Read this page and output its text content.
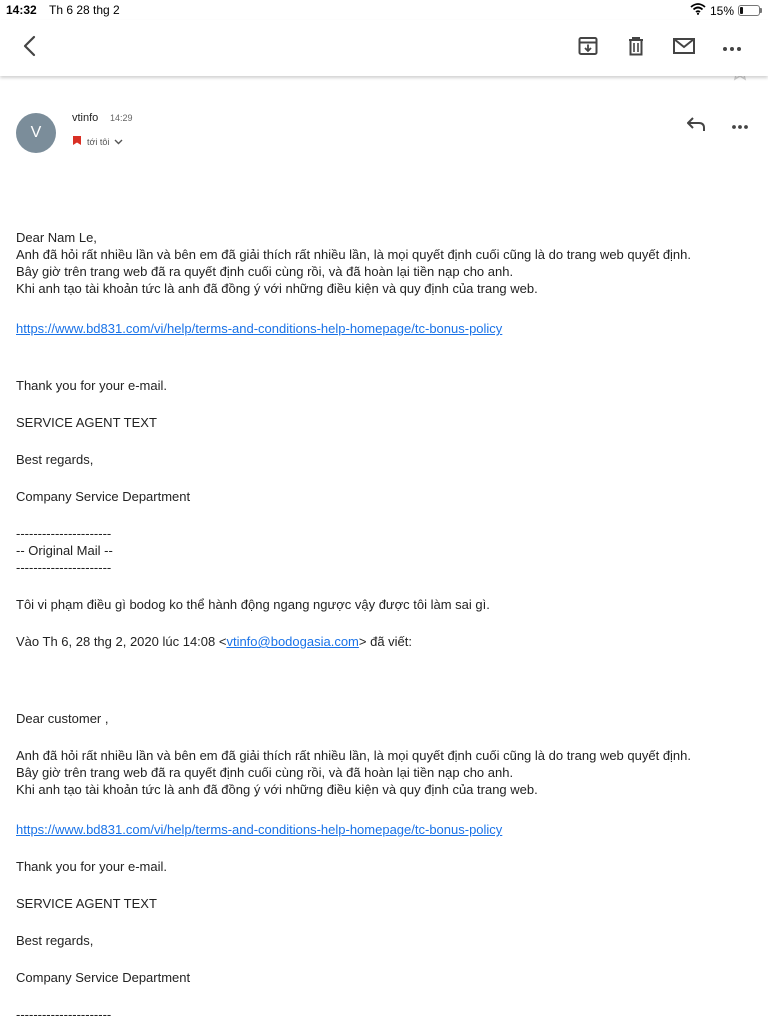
14:32 Th 6 28 thg 2	15%
V
vtinfo 14:29
tới tôi
Dear Nam Le,
Anh đã hỏi rất nhiều lần và bên em đã giải thích rất nhiều lần, là mọi quyết định cuối cũng là do trang web quyết định.
Bây giờ trên trang web đã ra quyết định cuối cùng rồi, và đã hoàn lại tiền nạp cho anh.
Khi anh tạo tài khoản tức là anh đã đồng ý với những điều kiện và quy định của trang web.
https://www.bd831.com/vi/help/terms-and-conditions-help-homepage/tc-bonus-policy
Thank you for your e-mail.
SERVICE AGENT TEXT
Best regards,
Company Service Department
----------------------
-- Original Mail --
----------------------
Tôi vi phạm điều gì bodog ko thể hành động ngang ngược vậy được tôi làm sai gì.
Vào Th 6, 28 thg 2, 2020 lúc 14:08 <vtinfo@bodogasia.com> đã viết:
Dear customer ,
Anh đã hỏi rất nhiều lần và bên em đã giải thích rất nhiều lần, là mọi quyết định cuối cũng là do trang web quyết định.
Bây giờ trên trang web đã ra quyết định cuối cùng rồi, và đã hoàn lại tiền nạp cho anh.
Khi anh tạo tài khoản tức là anh đã đồng ý với những điều kiện và quy định của trang web.
https://www.bd831.com/vi/help/terms-and-conditions-help-homepage/tc-bonus-policy
Thank you for your e-mail.
SERVICE AGENT TEXT
Best regards,
Company Service Department
----------------------
